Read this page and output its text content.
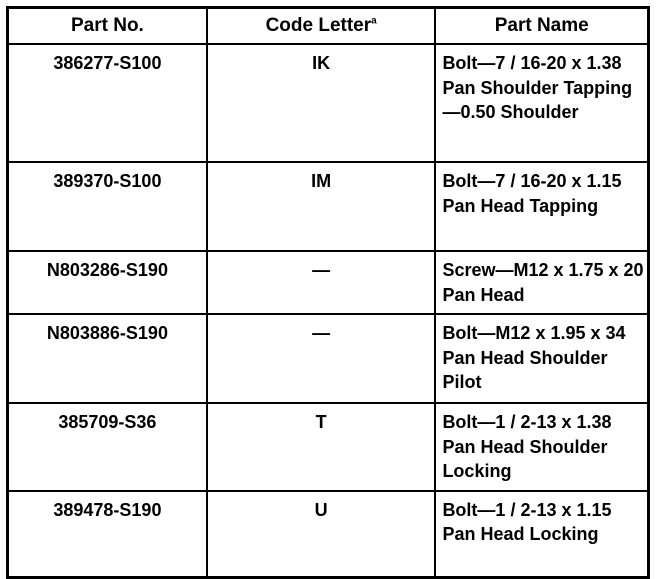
Part No.	Code Letter$^a$	Part Name
386277-S100	IK	Bolt—7 / 16-20 x 1.38 Pan Shoulder Tapping—0.50 Shoulder
389370-S100	IM	Bolt—7 / 16-20 x 1.15 Pan Head Tapping
N803286-S190	—	Screw—M12 x 1.75 x 20 Pan Head
N803886-S190	—	Bolt—M12 x 1.95 x 34 Pan Head Shoulder Pilot
385709-S36	T	Bolt—1 / 2-13 x 1.38 Pan Head Shoulder Locking
389478-S190	U	Bolt—1 / 2-13 x 1.15 Pan Head Locking
